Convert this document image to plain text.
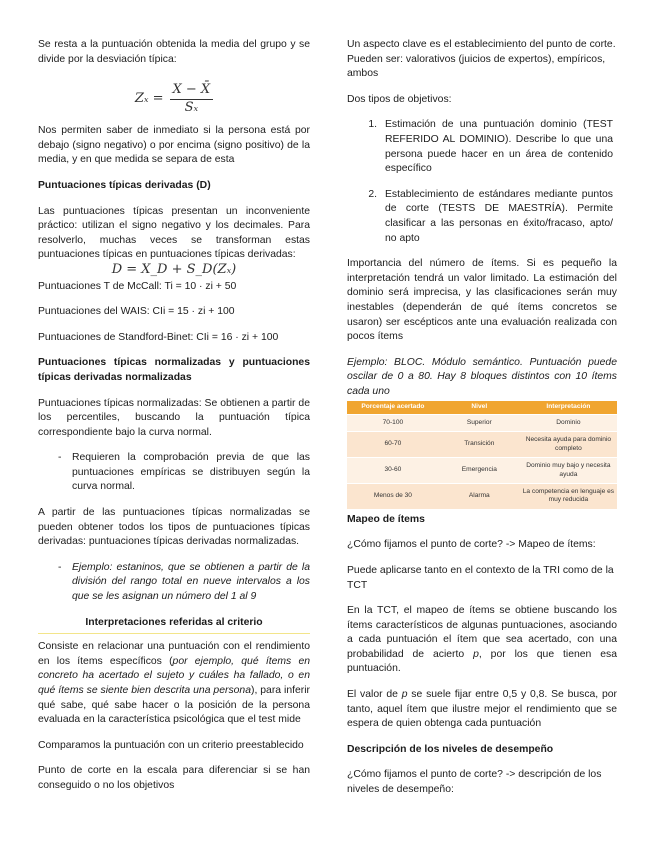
Se resta a la puntuación obtenida la media del grupo y se divide por la desviación típica:

$Z_x = \frac{X - X̄}{\text{Sₓ}}$

Nos permiten saber de inmediato si la persona está por debajo (signo negativo) o por encima (signo positivo) de la media, y en que medida se separa de esta

Puntuaciones típicas derivadas (D)

Las puntuaciones típicas presentan un inconveniente práctico: utilizan el signo negativo y los decimales. Para resolverlo, muchas veces se transforman estas puntuaciones típicas en puntuaciones típicas derivadas:

D = X_D + S_D(Zₓ)

Puntuaciones T de McCall: Ti = 10 · zi + 50

Puntuaciones del WAIS: CIi = 15 · zi + 100

Puntuaciones de Standford-Binet: CIi = 16 · zi + 100

Puntuaciones típicas normalizadas y puntuaciones típicas derivadas normalizadas

Puntuaciones típicas normalizadas: Se obtienen a partir de los percentiles, buscando la puntuación típica correspondiente bajo la curva normal.

-	Requieren la comprobación previa de que las puntuaciones empíricas se distribuyen según la curva normal.

A partir de las puntuaciones típicas normalizadas se pueden obtener todos los tipos de puntuaciones típicas derivadas: puntuaciones típicas derivadas normalizadas.

-	Ejemplo: estaninos, que se obtienen a partir de la división del rango total en nueve intervalos a los que se les asignan un número del 1 al 9
Interpretaciones referidas al criterio

Consiste en relacionar una puntuación con el rendimiento en los ítems específicos (por ejemplo, qué ítems en concreto ha acertado el sujeto y cuáles ha fallado, o en qué ítems se siente bien descrita una persona), para inferir qué sabe, qué sabe hacer o la posición de la persona evaluada en la característica psicológica que el test mide

Comparamos la puntuación con un criterio preestablecido

Punto de corte en la escala para diferenciar si se han conseguido o no los objetivos

Un aspecto clave es el establecimiento del punto de corte. Pueden ser: valorativos (juicios de expertos), empíricos, ambos

Dos tipos de objetivos:

1. Estimación de una puntuación dominio (TEST REFERIDO AL DOMINIO). Describe lo que una persona puede hacer en un área de contenido específico
2. Establecimiento de estándares mediante puntos de corte (TESTS DE MAESTRÍA). Permite clasificar a las personas en éxito/fracaso, apto/ no apto

Importancia del número de ítems. Si es pequeño la interpretación tendrá un valor limitado. La estimación del dominio será imprecisa, y las clasificaciones serán muy inestables (dependerán de qué ítems concretos se usaron) ser escépticos ante una evaluación realizada con pocos ítems

Ejemplo: BLOC. Módulo semántico. Puntuación puede oscilar de 0 a 80. Hay 8 bloques distintos con 10 ítems cada uno

Porcentaje acertado	Nivel	Interpretación
70-100	Superior	Dominio
60-70	Transición	Necesita ayuda para dominio completo
30-60	Emergencia	Dominio muy bajo y necesita ayuda
Menos de 30	Alarma	La competencia en lenguaje es muy reducida
Mapeo de ítems

¿Cómo fijamos el punto de corte? -> Mapeo de ítems:

Puede aplicarse tanto en el contexto de la TRI como de la TCT

En la TCT, el mapeo de ítems se obtiene buscando los ítems característicos de algunas puntuaciones, asociando a cada puntuación el ítem que sea acertado, con una probabilidad de acierto p, por los que tienen esa puntuación.

El valor de p se suele fijar entre 0,5 y 0,8. Se busca, por tanto, aquel ítem que ilustre mejor el rendimiento que se espera de quien obtenga cada puntuación

Descripción de los niveles de desempeño

¿Cómo fijamos el punto de corte? -> descripción de los niveles de desempeño:
